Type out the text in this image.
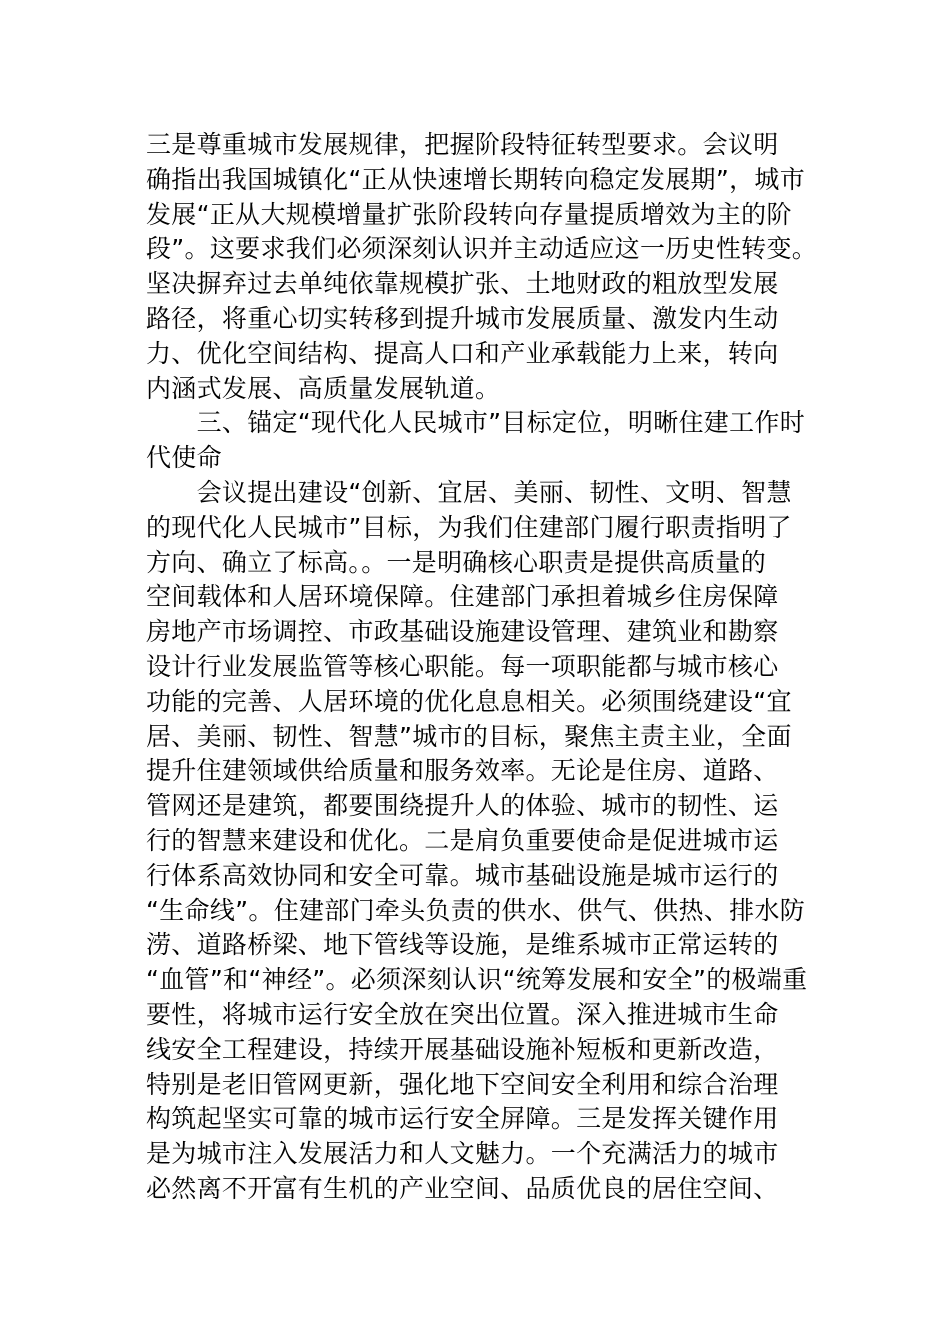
三是尊重城市发展规律，把握阶段特征转型要求。会议明
确指出我国城镇化“正从快速增长期转向稳定发展期”，城市
发展“正从大规模增量扩张阶段转向存量提质增效为主的阶
段”。这要求我们必须深刻认识并主动适应这一历史性转变。
坚决摒弃过去单纯依靠规模扩张、土地财政的粗放型发展
路径，将重心切实转移到提升城市发展质量、激发内生动
力、优化空间结构、提高人口和产业承载能力上来，转向
内涵式发展、高质量发展轨道。
　　三、锚定“现代化人民城市”目标定位，明晰住建工作时
代使命
　　会议提出建设“创新、宜居、美丽、韧性、文明、智慧
的现代化人民城市”目标，为我们住建部门履行职责指明了
方向、确立了标高。。一是明确核心职责是提供高质量的
空间载体和人居环境保障。住建部门承担着城乡住房保障
房地产市场调控、市政基础设施建设管理、建筑业和勘察
设计行业发展监管等核心职能。每一项职能都与城市核心
功能的完善、人居环境的优化息息相关。必须围绕建设“宜
居、美丽、韧性、智慧”城市的目标，聚焦主责主业，全面
提升住建领域供给质量和服务效率。无论是住房、道路、
管网还是建筑，都要围绕提升人的体验、城市的韧性、运
行的智慧来建设和优化。二是肩负重要使命是促进城市运
行体系高效协同和安全可靠。城市基础设施是城市运行的
“生命线”。住建部门牵头负责的供水、供气、供热、排水防
涝、道路桥梁、地下管线等设施，是维系城市正常运转的
“血管”和“神经”。必须深刻认识“统筹发展和安全”的极端重
要性，将城市运行安全放在突出位置。深入推进城市生命
线安全工程建设，持续开展基础设施补短板和更新改造，
特别是老旧管网更新，强化地下空间安全利用和综合治理
构筑起坚实可靠的城市运行安全屏障。三是发挥关键作用
是为城市注入发展活力和人文魅力。一个充满活力的城市
必然离不开富有生机的产业空间、品质优良的居住空间、
